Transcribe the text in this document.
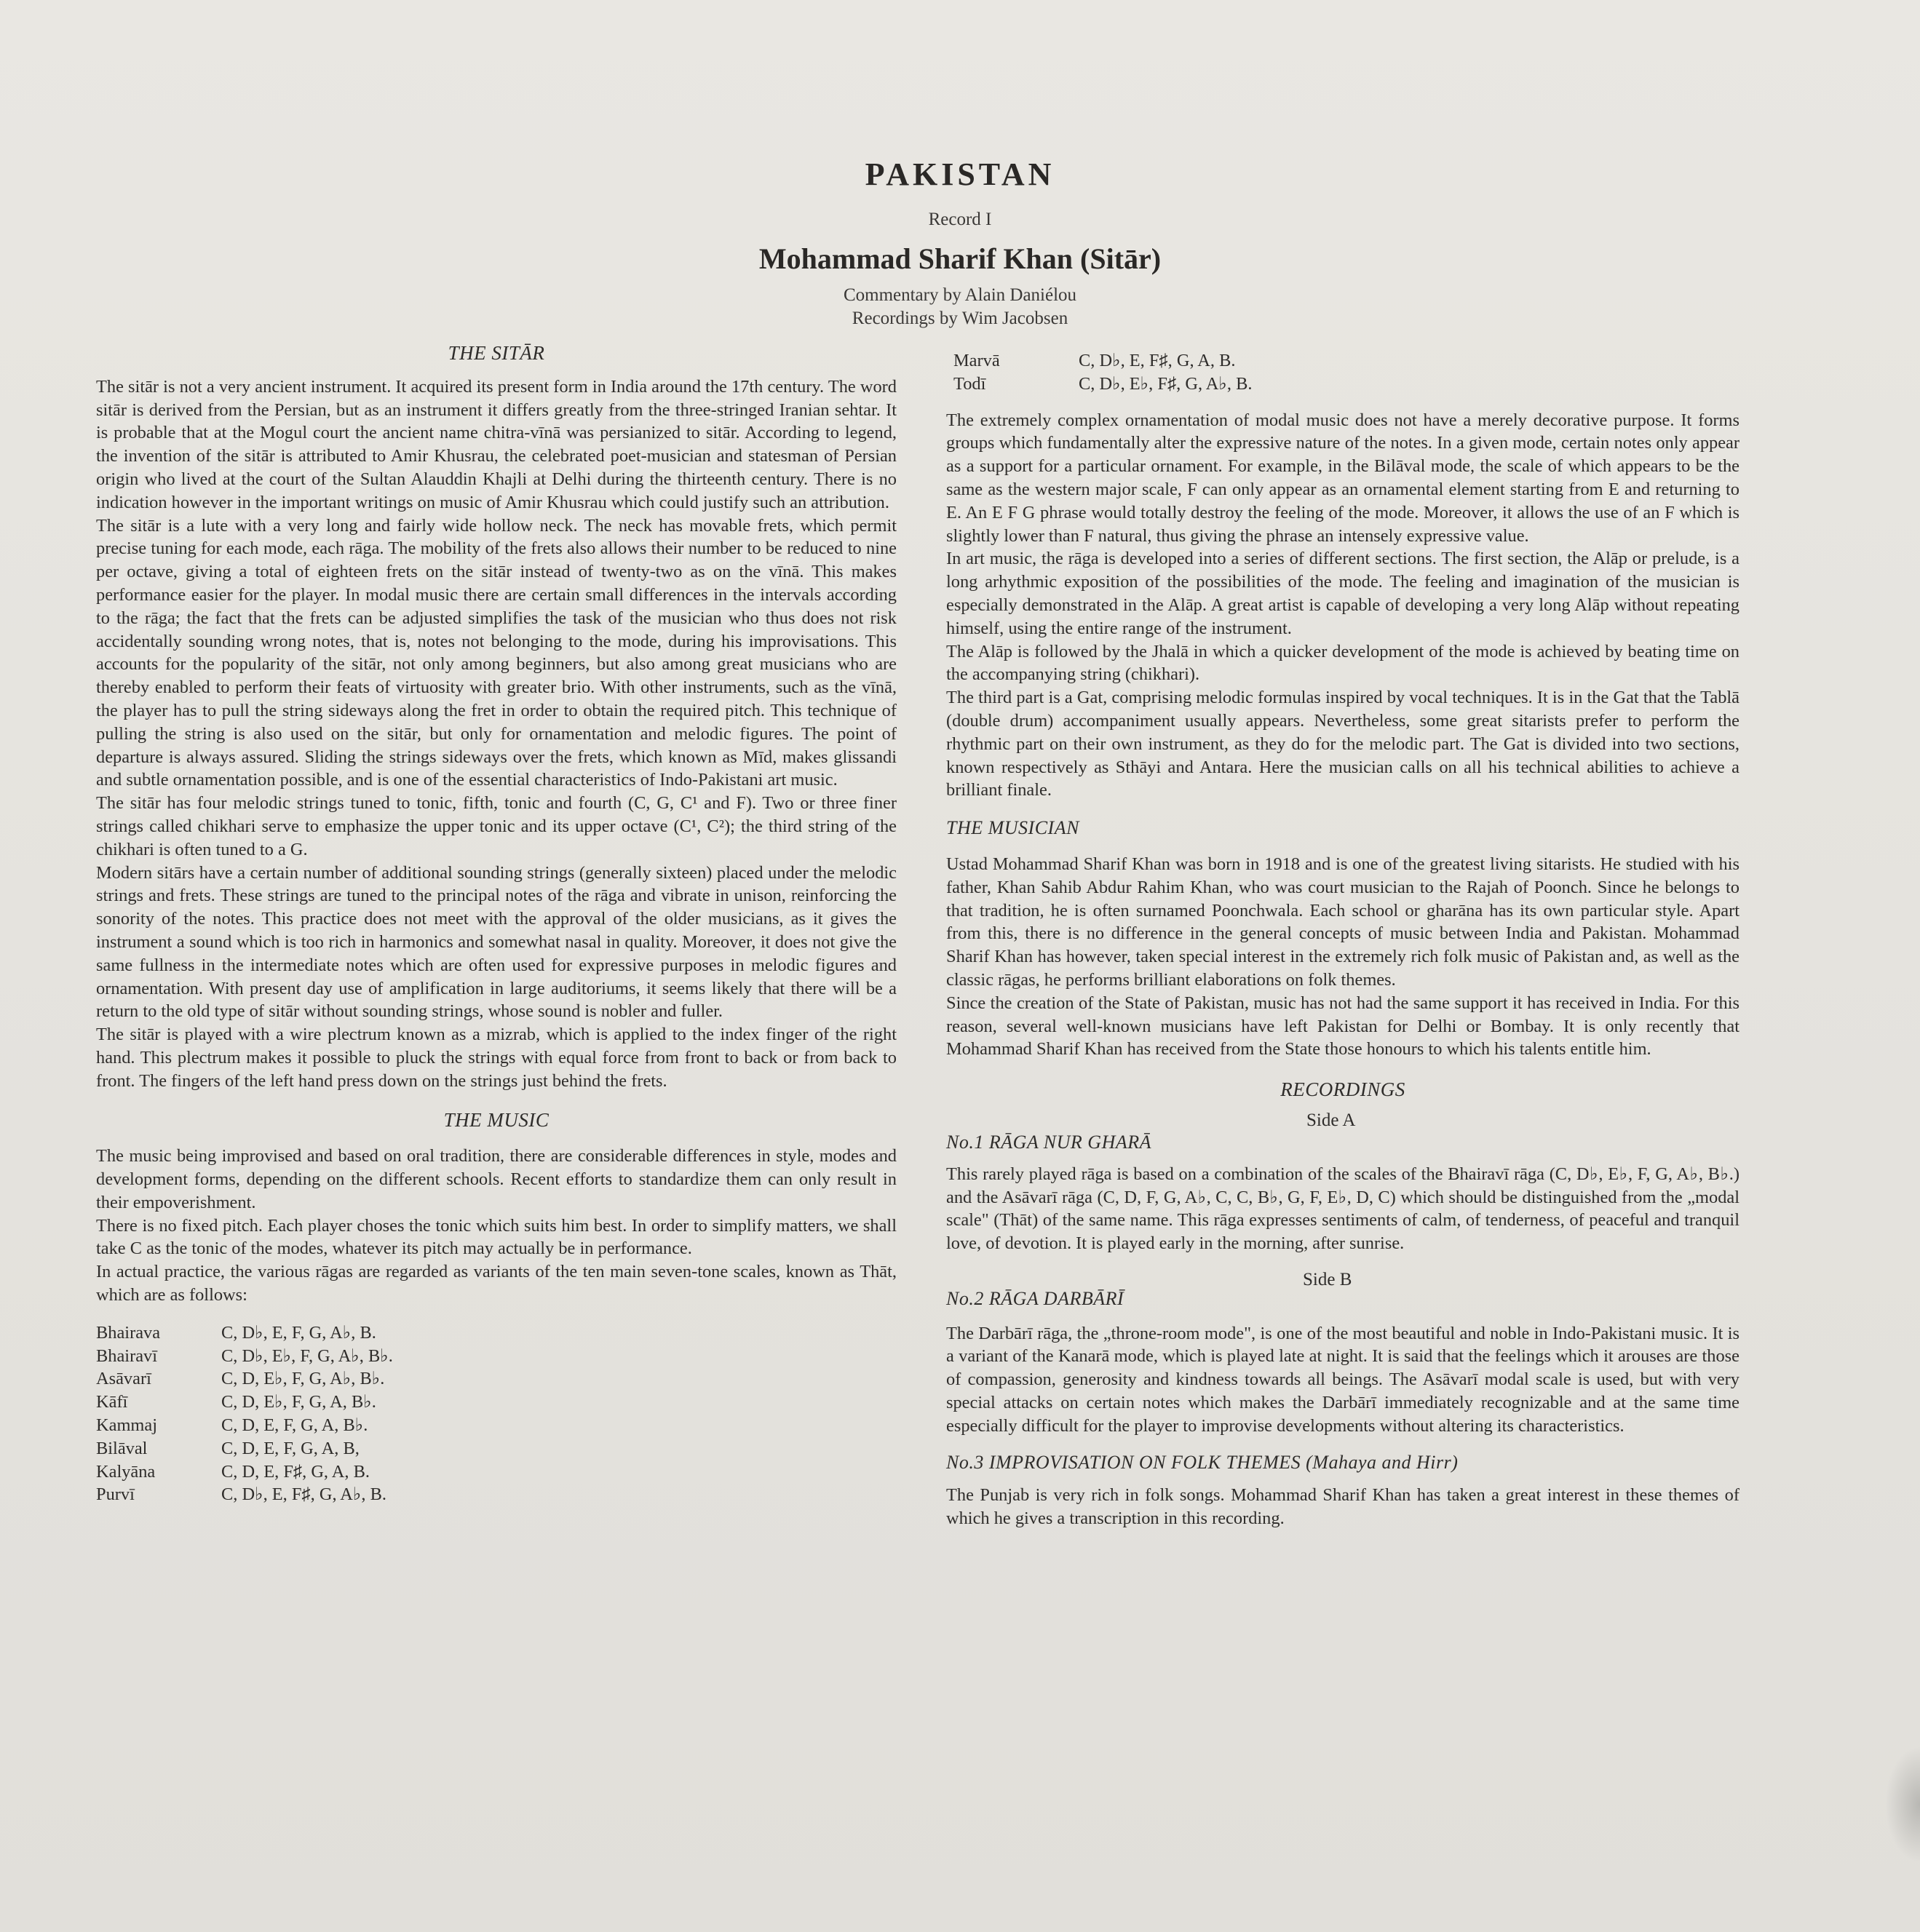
PAKISTAN
Record I
Mohammad Sharif Khan (Sitār)
Commentary by Alain Daniélou
Recordings by Wim Jacobsen
THE SITĀR

The sitār is not a very ancient instrument. It acquired its present form in India around the 17th century. The word sitār is derived from the Persian, but as an instrument it differs greatly from the three-stringed Iranian sehtar. It is probable that at the Mogul court the ancient name chitra-vīnā was persianized to sitār. According to legend, the invention of the sitār is attributed to Amir Khusrau, the celebrated poet-musician and statesman of Persian origin who lived at the court of the Sultan Alauddin Khajli at Delhi during the thirteenth century. There is no indication however in the important writings on music of Amir Khusrau which could justify such an attribution.

The sitār is a lute with a very long and fairly wide hollow neck. The neck has movable frets, which permit precise tuning for each mode, each rāga. The mobility of the frets also allows their number to be reduced to nine per octave, giving a total of eighteen frets on the sitār instead of twenty-two as on the vīnā. This makes performance easier for the player. In modal music there are certain small differences in the intervals according to the rāga; the fact that the frets can be adjusted simplifies the task of the musician who thus does not risk accidentally sounding wrong notes, that is, notes not belonging to the mode, during his improvisations. This accounts for the popularity of the sitār, not only among beginners, but also among great musicians who are thereby enabled to perform their feats of virtuosity with greater brio. With other instruments, such as the vīnā, the player has to pull the string sideways along the fret in order to obtain the required pitch. This technique of pulling the string is also used on the sitār, but only for ornamentation and melodic figures. The point of departure is always assured. Sliding the strings sideways over the frets, which known as Mīd, makes glissandi and subtle ornamentation possible, and is one of the essential characteristics of Indo-Pakistani art music.

The sitār has four melodic strings tuned to tonic, fifth, tonic and fourth (C, G, C¹ and F). Two or three finer strings called chikhari serve to emphasize the upper tonic and its upper octave (C¹, C²); the third string of the chikhari is often tuned to a G.

Modern sitārs have a certain number of additional sounding strings (generally sixteen) placed under the melodic strings and frets. These strings are tuned to the principal notes of the rāga and vibrate in unison, reinforcing the sonority of the notes. This practice does not meet with the approval of the older musicians, as it gives the instrument a sound which is too rich in harmonics and somewhat nasal in quality. Moreover, it does not give the same fullness in the intermediate notes which are often used for expressive purposes in melodic figures and ornamentation. With present day use of amplification in large auditoriums, it seems likely that there will be a return to the old type of sitār without sounding strings, whose sound is nobler and fuller.

The sitār is played with a wire plectrum known as a mizrab, which is applied to the index finger of the right hand. This plectrum makes it possible to pluck the strings with equal force from front to back or from back to front. The fingers of the left hand press down on the strings just behind the frets.

THE MUSIC

The music being improvised and based on oral tradition, there are considerable differences in style, modes and development forms, depending on the different schools. Recent efforts to standardize them can only result in their empoverishment.

There is no fixed pitch. Each player choses the tonic which suits him best. In order to simplify matters, we shall take C as the tonic of the modes, whatever its pitch may actually be in performance.

In actual practice, the various rāgas are regarded as variants of the ten main seven-tone scales, known as Thāt, which are as follows:

Bhairava	C, D♭, E, F, G, A♭, B.
Bhairavī	C, D♭, E♭, F, G, A♭, B♭.
Asāvarī	C, D, E♭, F, G, A♭, B♭.
Kāfī	C, D, E♭, F, G, A, B♭.
Kammaj	C, D, E, F, G, A, B♭.
Bilāval	C, D, E, F, G, A, B,
Kalyāna	C, D, E, F♯, G, A, B.
Purvī	C, D♭, E, F♯, G, A♭, B.
Marvā	C, D♭, E, F♯, G, A, B.
Todī	C, D♭, E♭, F♯, G, A♭, B.

The extremely complex ornamentation of modal music does not have a merely decorative purpose. It forms groups which fundamentally alter the expressive nature of the notes. In a given mode, certain notes only appear as a support for a particular ornament. For example, in the Bilāval mode, the scale of which appears to be the same as the western major scale, F can only appear as an ornamental element starting from E and returning to E. An E F G phrase would totally destroy the feeling of the mode. Moreover, it allows the use of an F which is slightly lower than F natural, thus giving the phrase an intensely expressive value.

In art music, the rāga is developed into a series of different sections. The first section, the Alāp or prelude, is a long arhythmic exposition of the possibilities of the mode. The feeling and imagination of the musician is especially demonstrated in the Alāp. A great artist is capable of developing a very long Alāp without repeating himself, using the entire range of the instrument.

The Alāp is followed by the Jhalā in which a quicker development of the mode is achieved by beating time on the accompanying string (chikhari).

The third part is a Gat, comprising melodic formulas inspired by vocal techniques. It is in the Gat that the Tablā (double drum) accompaniment usually appears. Nevertheless, some great sitarists prefer to perform the rhythmic part on their own instrument, as they do for the melodic part. The Gat is divided into two sections, known respectively as Sthāyi and Antara. Here the musician calls on all his technical abilities to achieve a brilliant finale.

THE MUSICIAN

Ustad Mohammad Sharif Khan was born in 1918 and is one of the greatest living sitarists. He studied with his father, Khan Sahib Abdur Rahim Khan, who was court musician to the Rajah of Poonch. Since he belongs to that tradition, he is often surnamed Poonchwala. Each school or gharāna has its own particular style. Apart from this, there is no difference in the general concepts of music between India and Pakistan. Mohammad Sharif Khan has however, taken special interest in the extremely rich folk music of Pakistan and, as well as the classic rāgas, he performs brilliant elaborations on folk themes.

Since the creation of the State of Pakistan, music has not had the same support it has received in India. For this reason, several well-known musicians have left Pakistan for Delhi or Bombay. It is only recently that Mohammad Sharif Khan has received from the State those honours to which his talents entitle him.

RECORDINGS
Side A
No.1 RĀGA NUR GHARĀ

This rarely played rāga is based on a combination of the scales of the Bhairavī rāga (C, D♭, E♭, F, G, A♭, B♭.) and the Asāvarī rāga (C, D, F, G, A♭, C, C, B♭, G, F, E♭, D, C) which should be distinguished from the „modal scale" (Thāt) of the same name. This rāga expresses sentiments of calm, of tenderness, of peaceful and tranquil love, of devotion. It is played early in the morning, after sunrise.

Side B
No.2 RĀGA DARBĀRĪ

The Darbārī rāga, the „throne-room mode", is one of the most beautiful and noble in Indo-Pakistani music. It is a variant of the Kanarā mode, which is played late at night. It is said that the feelings which it arouses are those of compassion, generosity and kindness towards all beings. The Asāvarī modal scale is used, but with very special attacks on certain notes which makes the Darbārī immediately recognizable and at the same time especially difficult for the player to improvise developments without altering its characteristics.

No.3 IMPROVISATION ON FOLK THEMES (Mahaya and Hirr)

The Punjab is very rich in folk songs. Mohammad Sharif Khan has taken a great interest in these themes of which he gives a transcription in this recording.
